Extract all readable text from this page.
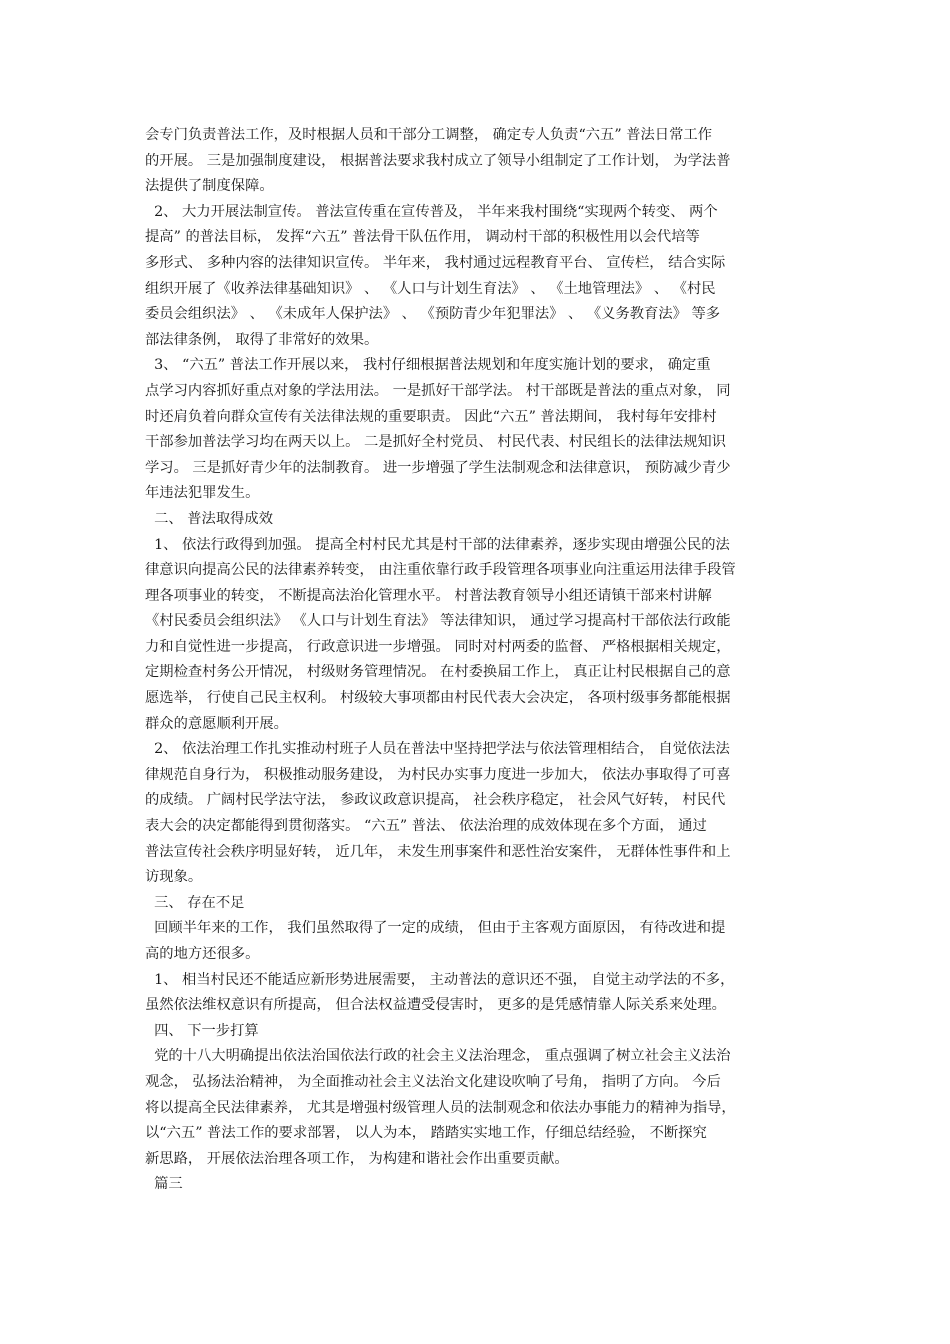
会专门负责普法工作，及时根据人员和干部分工调整， 确定专人负责“六五” 普法日常工作
的开展。 三是加强制度建设， 根据普法要求我村成立了领导小组制定了工作计划， 为学法普
法提供了制度保障。
2、 大力开展法制宣传。 普法宣传重在宣传普及， 半年来我村围绕“实现两个转变、 两个
提高” 的普法目标， 发挥“六五” 普法骨干队伍作用， 调动村干部的积极性用以会代培等
多形式、 多种内容的法律知识宣传。 半年来， 我村通过远程教育平台、 宣传栏， 结合实际
组织开展了《收养法律基础知识》 、 《人口与计划生育法》 、 《土地管理法》 、 《村民
委员会组织法》 、 《未成年人保护法》 、 《预防青少年犯罪法》 、 《义务教育法》 等多
部法律条例， 取得了非常好的效果。
3、 “六五” 普法工作开展以来， 我村仔细根据普法规划和年度实施计划的要求， 确定重
点学习内容抓好重点对象的学法用法。 一是抓好干部学法。 村干部既是普法的重点对象， 同
时还肩负着向群众宣传有关法律法规的重要职责。 因此“六五” 普法期间， 我村每年安排村
干部参加普法学习均在两天以上。 二是抓好全村党员、 村民代表、村民组长的法律法规知识
学习。 三是抓好青少年的法制教育。 进一步增强了学生法制观念和法律意识， 预防减少青少
年违法犯罪发生。
二、 普法取得成效
1、 依法行政得到加强。 提高全村村民尤其是村干部的法律素养，逐步实现由增强公民的法
律意识向提高公民的法律素养转变， 由注重依靠行政手段管理各项事业向注重运用法律手段管
理各项事业的转变， 不断提高法治化管理水平。 村普法教育领导小组还请镇干部来村讲解
《村民委员会组织法》 《人口与计划生育法》 等法律知识， 通过学习提高村干部依法行政能
力和自觉性进一步提高， 行政意识进一步增强。 同时对村两委的监督、 严格根据相关规定，
定期检查村务公开情况， 村级财务管理情况。 在村委换届工作上， 真正让村民根据自己的意
愿选举， 行使自己民主权利。 村级较大事项都由村民代表大会决定， 各项村级事务都能根据
群众的意愿顺利开展。
2、 依法治理工作扎实推动村班子人员在普法中坚持把学法与依法管理相结合， 自觉依法法
律规范自身行为， 积极推动服务建设， 为村民办实事力度进一步加大， 依法办事取得了可喜
的成绩。 广阔村民学法守法， 参政议政意识提高， 社会秩序稳定， 社会风气好转， 村民代
表大会的决定都能得到贯彻落实。 “六五” 普法、 依法治理的成效体现在多个方面， 通过
普法宣传社会秩序明显好转， 近几年， 未发生刑事案件和恶性治安案件， 无群体性事件和上
访现象。
三、 存在不足
回顾半年来的工作， 我们虽然取得了一定的成绩， 但由于主客观方面原因， 有待改进和提
高的地方还很多。
1、 相当村民还不能适应新形势进展需要， 主动普法的意识还不强， 自觉主动学法的不多，
虽然依法维权意识有所提高， 但合法权益遭受侵害时， 更多的是凭感情靠人际关系来处理。
四、 下一步打算
党的十八大明确提出依法治国依法行政的社会主义法治理念， 重点强调了树立社会主义法治
观念， 弘扬法治精神， 为全面推动社会主义法治文化建设吹响了号角， 指明了方向。 今后
将以提高全民法律素养， 尤其是增强村级管理人员的法制观念和依法办事能力的精神为指导，
以“六五” 普法工作的要求部署， 以人为本， 踏踏实实地工作，仔细总结经验， 不断探究
新思路， 开展依法治理各项工作， 为构建和谐社会作出重要贡献。
篇三
